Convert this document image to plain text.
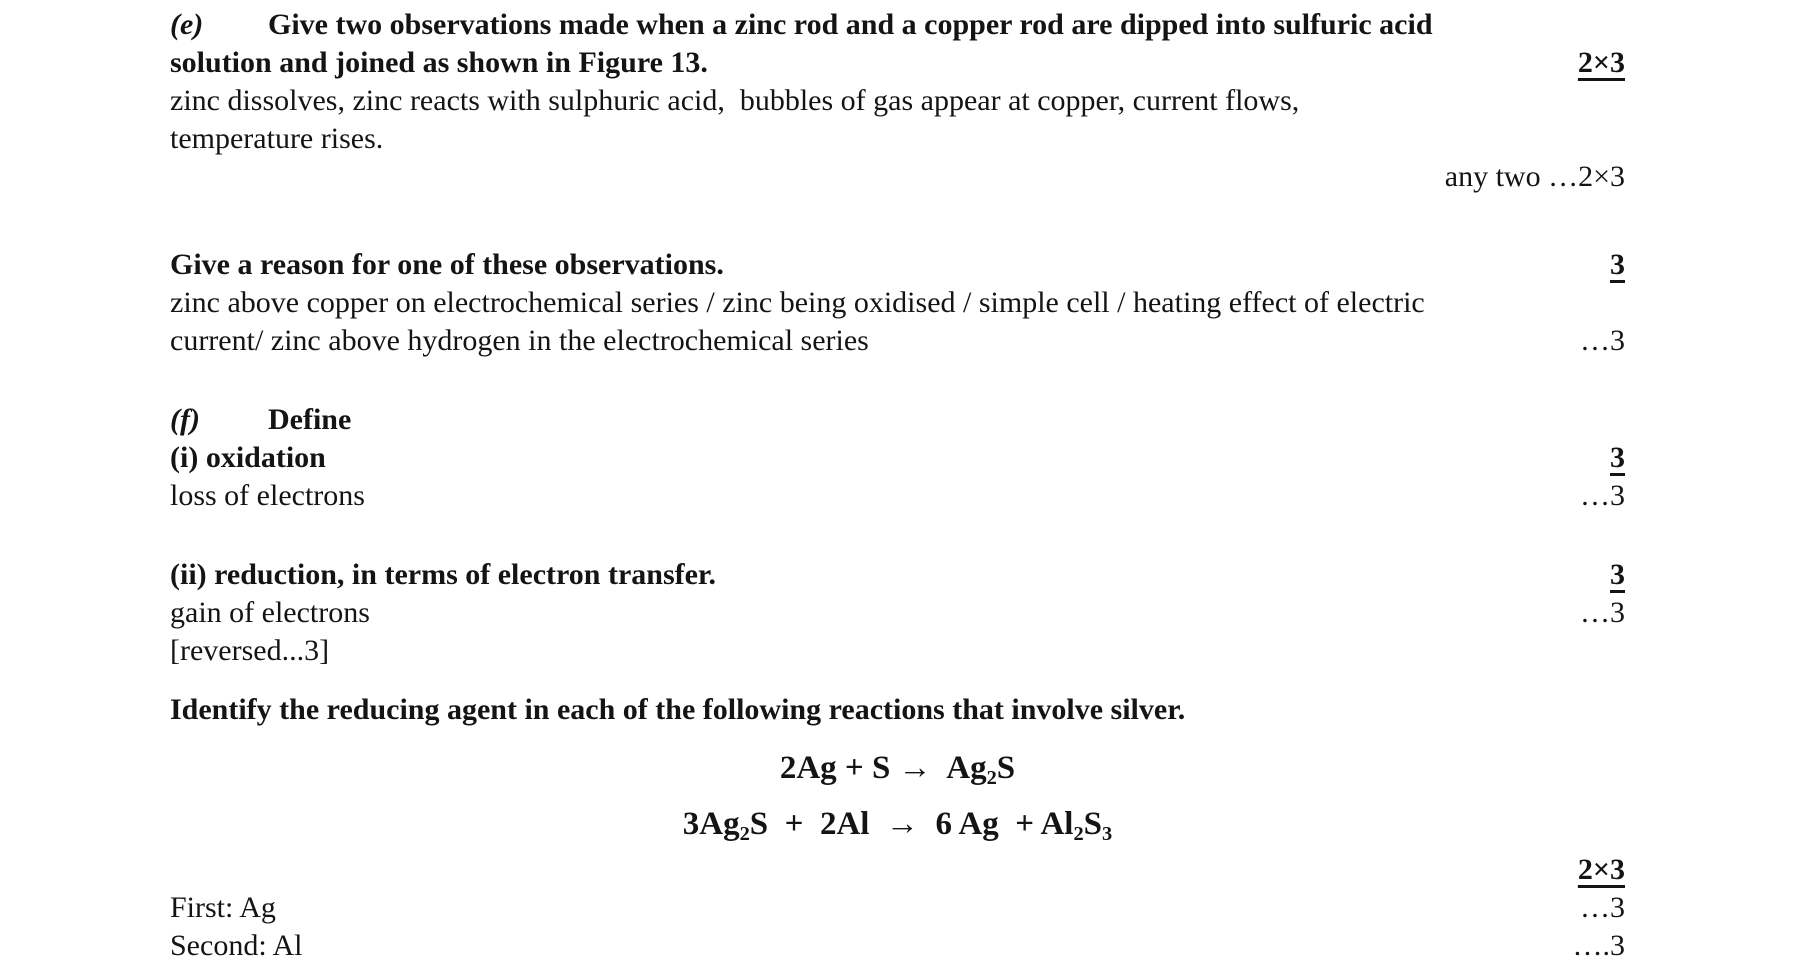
(e) Give two observations made when a zinc rod and a copper rod are dipped into sulfuric acid
solution and joined as shown in Figure 13.	2×3
zinc dissolves, zinc reacts with sulphuric acid,  bubbles of gas appear at copper, current flows,
temperature rises.
any two …2×3
Give a reason for one of these observations.	3
zinc above copper on electrochemical series / zinc being oxidised / simple cell / heating effect of electric
current/ zinc above hydrogen in the electrochemical series	…3
(f) Define
(i) oxidation	3
loss of electrons	…3
(ii) reduction, in terms of electron transfer.	3
gain of electrons	…3
[reversed...3]
Identify the reducing agent in each of the following reactions that involve silver.
$2Ag + S \to Ag_2S$
$3Ag_2S + 2Al \to 6$ $Ag + Al_2S_3$
2×3
First: Ag	…3
Second: Al	….3
